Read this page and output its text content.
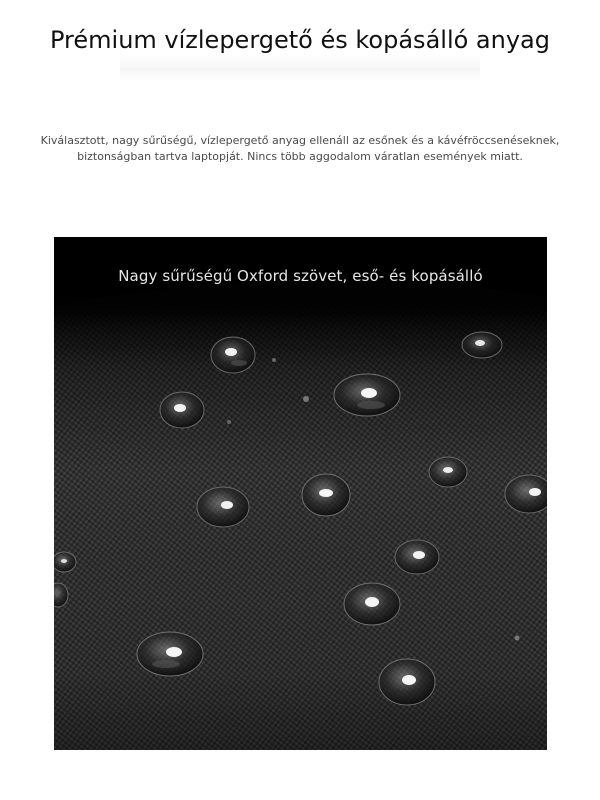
Prémium vízlepergető és kopásálló anyag

Kiválasztott, nagy sűrűségű, vízlepergető anyag ellenáll az esőnek és a kávéfröccsenéseknek,
biztonságban tartva laptopját. Nincs több aggodalom váratlan események miatt.

Nagy sűrűségű Oxford szövet, eső- és kopásálló
